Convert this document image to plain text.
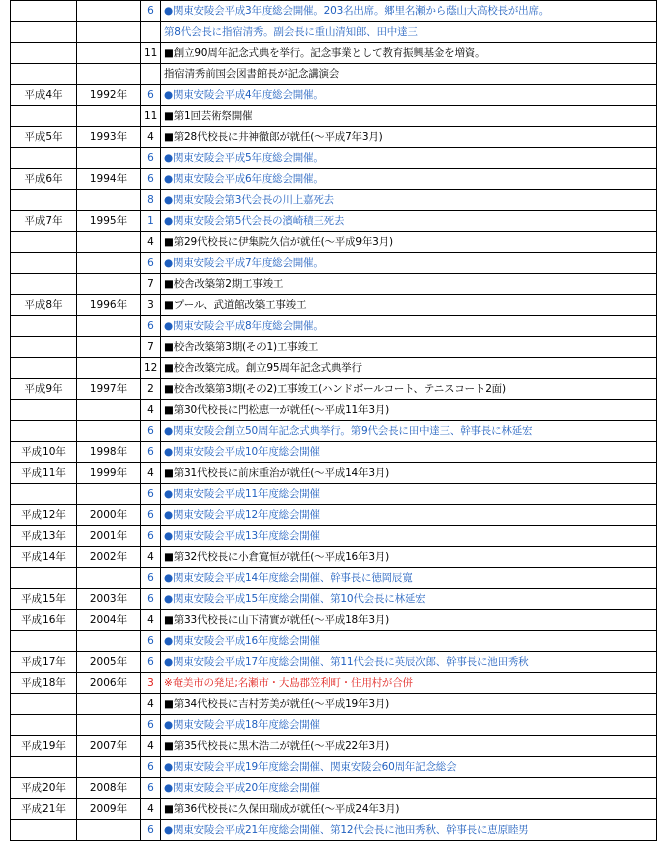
		6	●関東安陵会平成3年度総会開催。203名出席。郷里名瀬から蔭山大高校長が出席。
			第8代会長に指宿清秀。副会長に重山清知郎、田中達三
		11	■創立90周年記念式典を挙行。記念事業として教育振興基金を増資。
			指宿清秀前国会図書館長が記念講演会
平成4年	1992年	6	●関東安陵会平成4年度総会開催。
		11	■第1回芸術祭開催
平成5年	1993年	4	■第28代校長に井神徹郎が就任(～平成7年3月)
		6	●関東安陵会平成5年度総会開催。
平成6年	1994年	6	●関東安陵会平成6年度総会開催。
		8	●関東安陵会第3代会長の川上嘉死去
平成7年	1995年	1	●関東安陵会第5代会長の濱崎積三死去
		4	■第29代校長に伊集院久信が就任(～平成9年3月)
		6	●関東安陵会平成7年度総会開催。
		7	■校舎改築第2期工事竣工
平成8年	1996年	3	■プール、武道館改築工事竣工
		6	●関東安陵会平成8年度総会開催。
		7	■校舎改築第3期(その1)工事竣工
		12	■校舎改築完成。創立95周年記念式典挙行
平成9年	1997年	2	■校舎改築第3期(その2)工事竣工(ハンドボールコート、テニスコート2面)
		4	■第30代校長に門松恵一が就任(～平成11年3月)
		6	●関東安陵会創立50周年記念式典挙行。第9代会長に田中達三、幹事長に林延宏
平成10年	1998年	6	●関東安陵会平成10年度総会開催
平成11年	1999年	4	■第31代校長に前床重治が就任(～平成14年3月)
		6	●関東安陵会平成11年度総会開催
平成12年	2000年	6	●関東安陵会平成12年度総会開催
平成13年	2001年	6	●関東安陵会平成13年度総会開催
平成14年	2002年	4	■第32代校長に小倉寛恒が就任(～平成16年3月)
		6	●関東安陵会平成14年度総会開催、幹事長に徳岡辰寛
平成15年	2003年	6	●関東安陵会平成15年度総会開催、第10代会長に林延宏
平成16年	2004年	4	■第33代校長に山下清實が就任(～平成18年3月)
		6	●関東安陵会平成16年度総会開催
平成17年	2005年	6	●関東安陵会平成17年度総会開催、第11代会長に英辰次郎、幹事長に池田秀秋
平成18年	2006年	3	※奄美市の発足;名瀬市・大島郡笠利町・住用村が合併
		4	■第34代校長に吉村芳美が就任(～平成19年3月)
		6	●関東安陵会平成18年度総会開催
平成19年	2007年	4	■第35代校長に黒木浩二が就任(～平成22年3月)
		6	●関東安陵会平成19年度総会開催、関東安陵会60周年記念総会
平成20年	2008年	6	●関東安陵会平成20年度総会開催
平成21年	2009年	4	■第36代校長に久保田瑞成が就任(～平成24年3月)
		6	●関東安陵会平成21年度総会開催、第12代会長に池田秀秋、幹事長に恵原睦男
